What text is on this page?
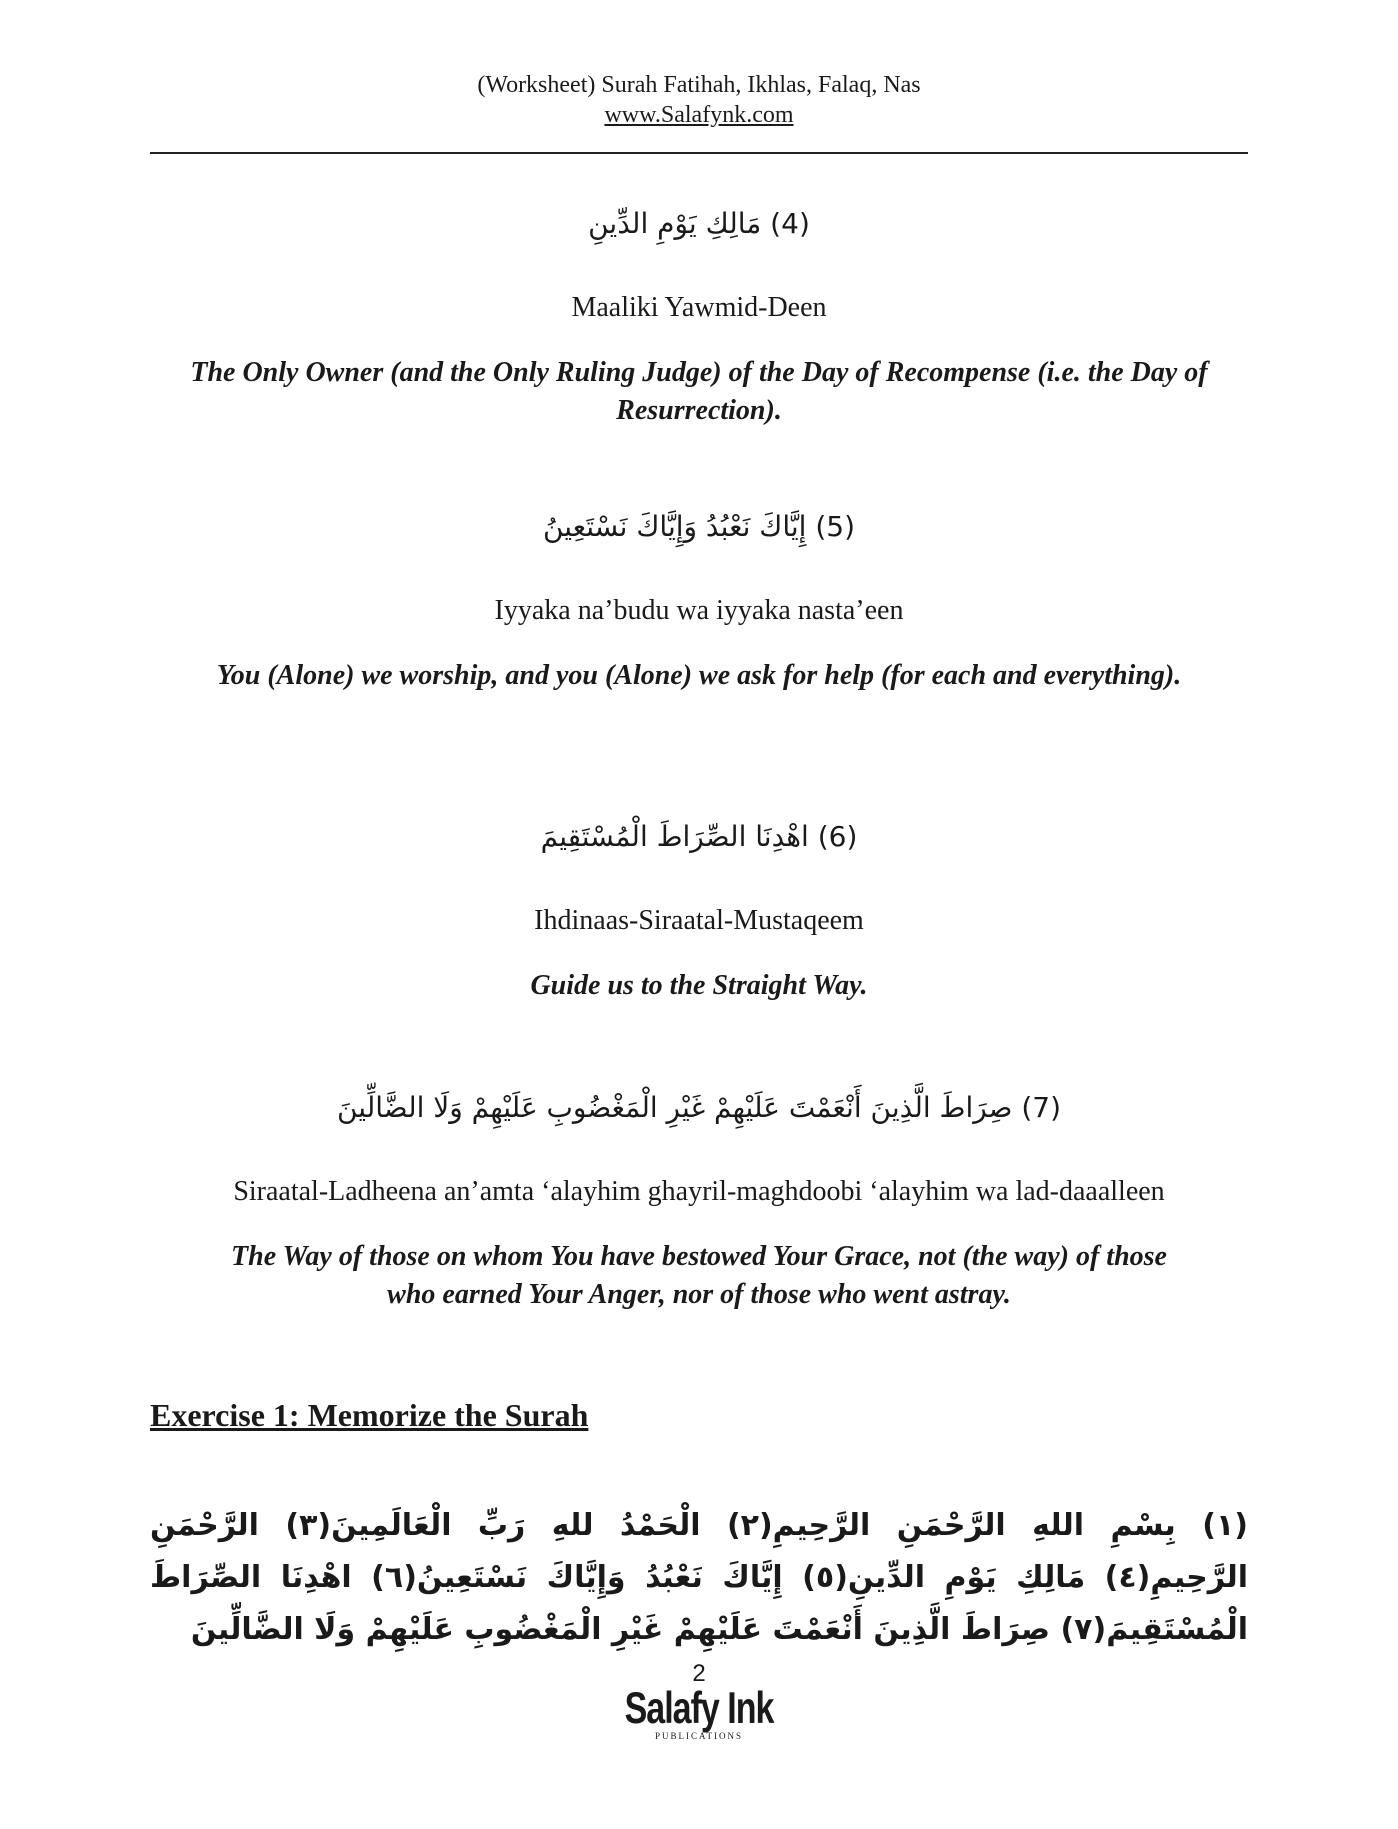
(Worksheet) Surah Fatihah, Ikhlas, Falaq, Nas
www.Salafynk.com
(4) مَالِكِ يَوْمِ الدِّينِ
Maaliki Yawmid-Deen
The Only Owner (and the Only Ruling Judge) of the Day of Recompense (i.e. the Day of Resurrection).
(5) إِيَّاكَ نَعْبُدُ وَإِيَّاكَ نَسْتَعِينُ
Iyyaka na’budu wa iyyaka nasta’een
You (Alone) we worship, and you (Alone) we ask for help (for each and everything).
(6) اهْدِنَا الصِّرَاطَ الْمُسْتَقِيمَ
Ihdinaas-Siraatal-Mustaqeem
Guide us to the Straight Way.
(7) صِرَاطَ الَّذِينَ أَنْعَمْتَ عَلَيْهِمْ غَيْرِ الْمَغْضُوبِ عَلَيْهِمْ وَلَا الضَّالِّينَ
Siraatal-Ladheena an’amta ‘alayhim ghayril-maghdoobi ‘alayhim wa lad-daaalleen
The Way of those on whom You have bestowed Your Grace, not (the way) of those who earned Your Anger, nor of those who went astray.
Exercise 1: Memorize the Surah
(١) بِسْمِ اللهِ الرَّحْمَنِ الرَّحِيمِ(٢) الْحَمْدُ للهِ رَبِّ الْعَالَمِينَ(٣) الرَّحْمَنِ الرَّحِيمِ(٤) مَالِكِ يَوْمِ الدِّينِ(٥) إِيَّاكَ نَعْبُدُ وَإِيَّاكَ نَسْتَعِينُ(٦) اهْدِنَا الصِّرَاطَ الْمُسْتَقِيمَ(٧) صِرَاطَ الَّذِينَ أَنْعَمْتَ عَلَيْهِمْ غَيْرِ الْمَغْضُوبِ عَلَيْهِمْ وَلَا الضَّالِّينَ
2
Salafy Ink
PUBLICATIONS
